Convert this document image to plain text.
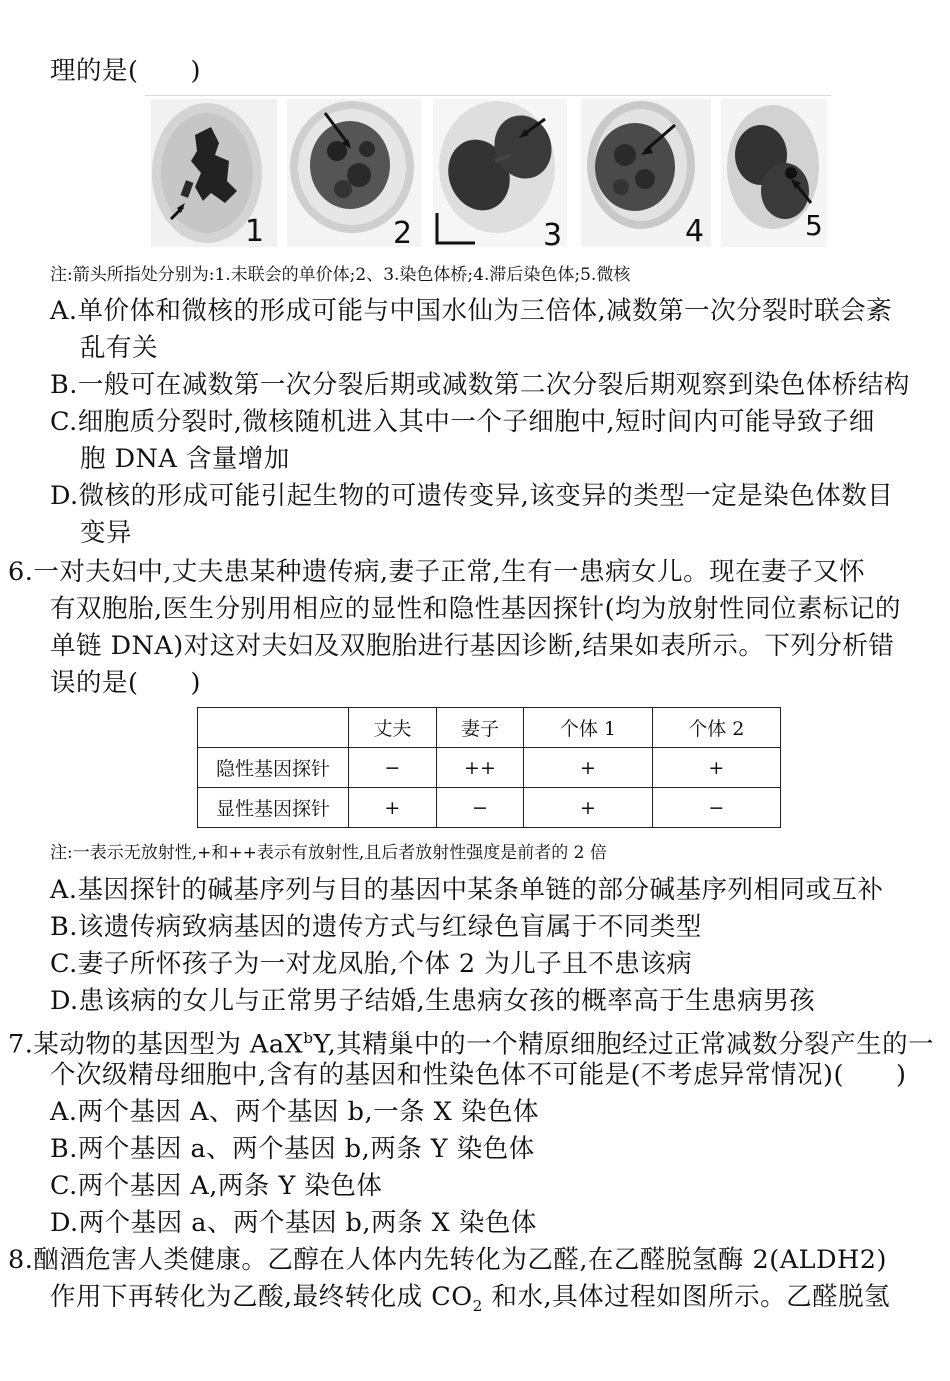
理的是(　　)
1	2	3	4	5
注:箭头所指处分别为:1.未联会的单价体;2、3.染色体桥;4.滞后染色体;5.微核
A.单价体和微核的形成可能与中国水仙为三倍体,减数第一次分裂时联会紊
乱有关
B.一般可在减数第一次分裂后期或减数第二次分裂后期观察到染色体桥结构
C.细胞质分裂时,微核随机进入其中一个子细胞中,短时间内可能导致子细
胞 DNA 含量增加
D.微核的形成可能引起生物的可遗传变异,该变异的类型一定是染色体数目
变异
6.一对夫妇中,丈夫患某种遗传病,妻子正常,生有一患病女儿。现在妻子又怀
有双胞胎,医生分别用相应的显性和隐性基因探针(均为放射性同位素标记的
单链 DNA)对这对夫妇及双胞胎进行基因诊断,结果如表所示。下列分析错
误的是(　　)
	丈夫	妻子	个体 1	个体 2
隐性基因探针	−	++	+	+
显性基因探针	+	−	+	−
注:一表示无放射性,+和++表示有放射性,且后者放射性强度是前者的 2 倍
A.基因探针的碱基序列与目的基因中某条单链的部分碱基序列相同或互补
B.该遗传病致病基因的遗传方式与红绿色盲属于不同类型
C.妻子所怀孩子为一对龙凤胎,个体 2 为儿子且不患该病
D.患该病的女儿与正常男子结婚,生患病女孩的概率高于生患病男孩
7.某动物的基因型为 AaX$^b$Y,其精巢中的一个精原细胞经过正常减数分裂产生的一
个次级精母细胞中,含有的基因和性染色体不可能是(不考虑异常情况)(　　)
A.两个基因 A、两个基因 b,一条 X 染色体
B.两个基因 a、两个基因 b,两条 Y 染色体
C.两个基因 A,两条 Y 染色体
D.两个基因 a、两个基因 b,两条 X 染色体
8.酗酒危害人类健康。乙醇在人体内先转化为乙醛,在乙醛脱氢酶 2(ALDH2)
作用下再转化为乙酸,最终转化成 $CO_2$ 和水,具体过程如图所示。乙醛脱氢
